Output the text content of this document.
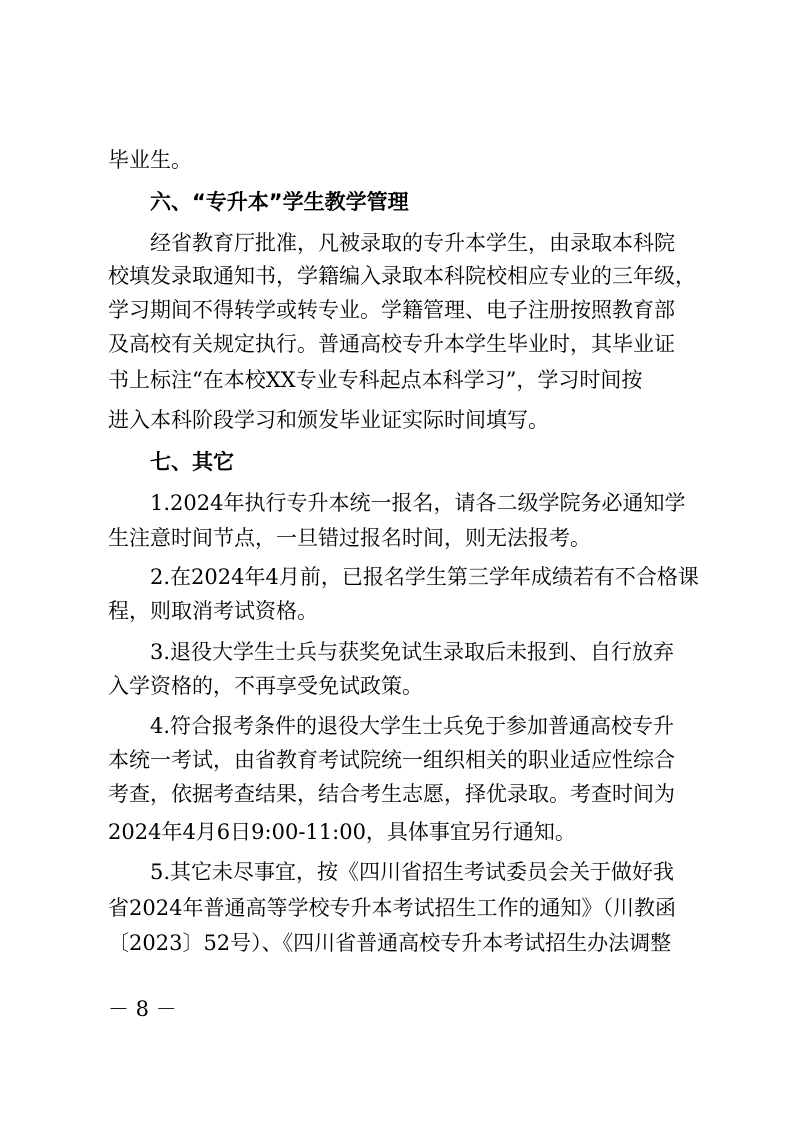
毕业生。
六、“专升本”学生教学管理
经省教育厅批准，凡被录取的专升本学生，由录取本科院
校填发录取通知书，学籍编入录取本科院校相应专业的三年级，
学习期间不得转学或转专业。学籍管理、电子注册按照教育部
及高校有关规定执行。普通高校专升本学生毕业时，其毕业证
书上标注“在本校XX专业专科起点本科学习”，学习时间按
进入本科阶段学习和颁发毕业证实际时间填写。
七、其它
1.2024年执行专升本统一报名，请各二级学院务必通知学
生注意时间节点，一旦错过报名时间，则无法报考。
2.在2024年4月前，已报名学生第三学年成绩若有不合格课
程，则取消考试资格。
3.退役大学生士兵与获奖免试生录取后未报到、自行放弃
入学资格的，不再享受免试政策。
4.符合报考条件的退役大学生士兵免于参加普通高校专升
本统一考试，由省教育考试院统一组织相关的职业适应性综合
考查，依据考查结果，结合考生志愿，择优录取。考查时间为
2024年4月6日9:00-11:00，具体事宜另行通知。
5.其它未尽事宜，按《四川省招生考试委员会关于做好我
省2024年普通高等学校专升本考试招生工作的通知》（川教函
〔2023〕52号）、《四川省普通高校专升本考试招生办法调整
－ 8 －
